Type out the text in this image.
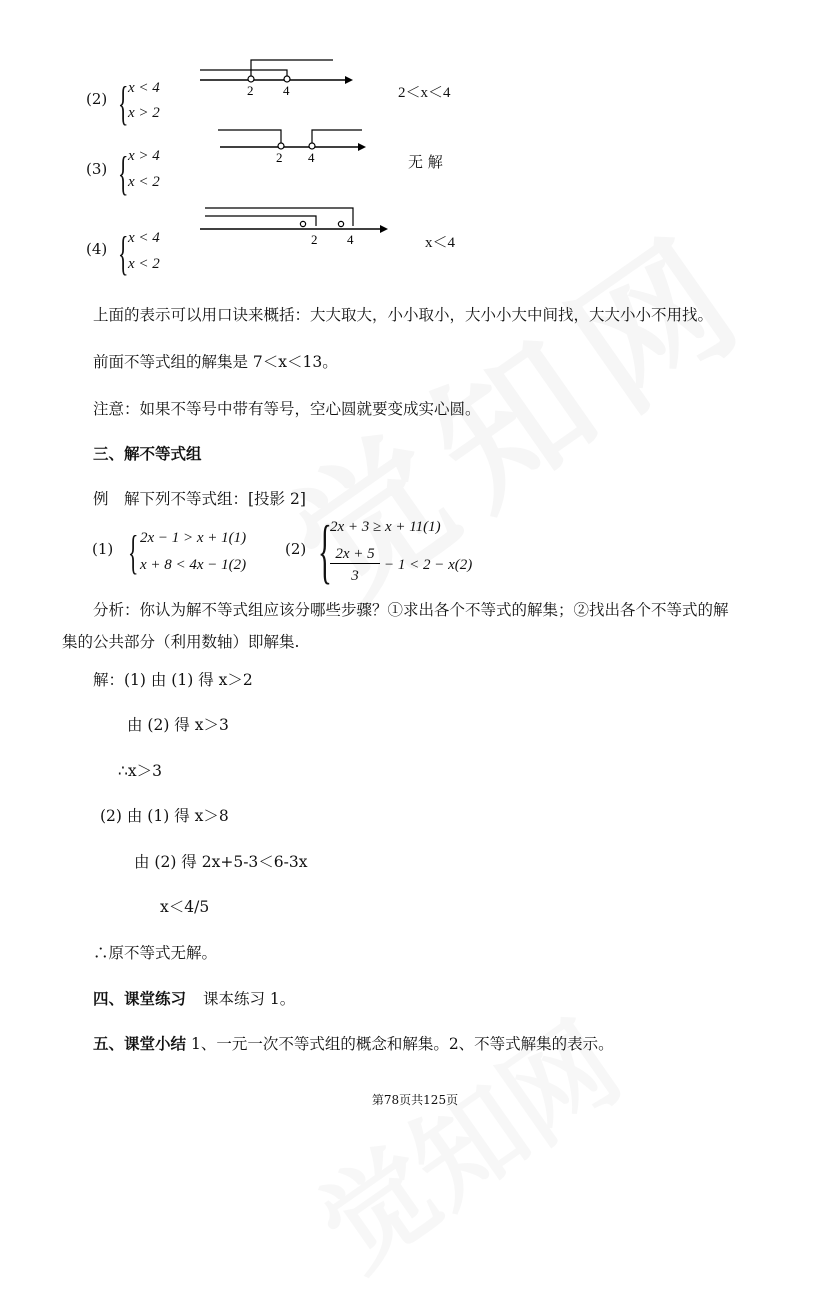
(2) { x < 4
x > 2
2 4	2＜x＜4
(3) { x > 4
x < 2
2 4	无 解
(4) { x < 4
x < 2
2 4	x＜4
上面的表示可以用口诀来概括：大大取大，小小取小，大小小大中间找，大大小小不用找。
前面不等式组的解集是 7＜x＜13。
注意：如果不等号中带有等号，空心圆就要变成实心圆。
三、解不等式组
例　解下列不等式组：[投影 2]
(1) { 2x − 1 > x + 1(1)
x + 8 < 4x − 1(2)
(2) {
2x + 3 ≥ x + 11(1)
2x + 5
3
− 1 < 2 − x(2)
分析：你认为解不等式组应该分哪些步骤？①求出各个不等式的解集；②找出各个不等式的解
集的公共部分（利用数轴）即解集.
解：(1) 由 (1) 得 x＞2
由 (2) 得 x＞3
∴x＞3
(2) 由 (1) 得 x＞8
由 (2) 得 2x+5-3＜6-3x
x＜4/5
∴原不等式无解。
四、课堂练习 课本练习 1。
五、课堂小结 1、一元一次不等式组的概念和解集。2、不等式解集的表示。
第78页共125页
